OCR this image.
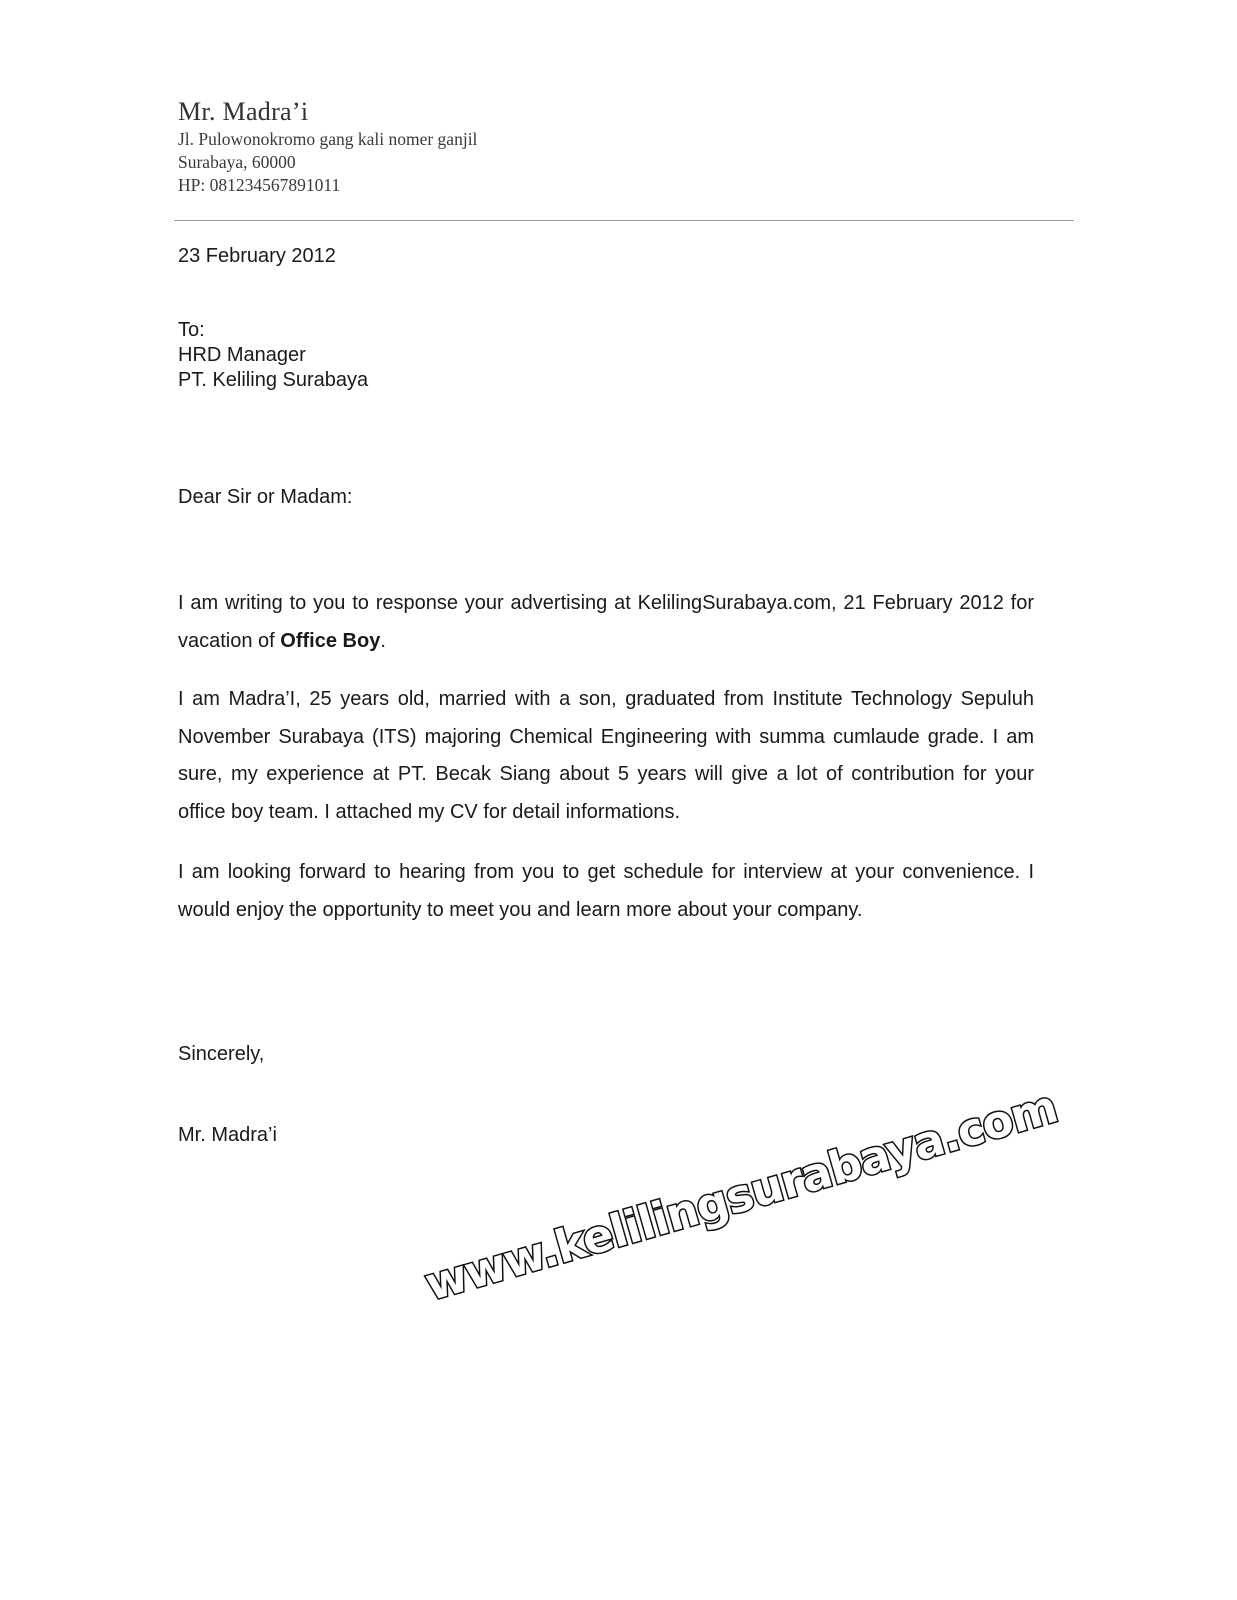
Mr. Madra’i
Jl. Pulowonokromo gang kali nomer ganjil
Surabaya, 60000
HP: 081234567891011
23 February 2012
To:
HRD Manager
PT. Keliling Surabaya
Dear Sir or Madam:

I am writing to you to response your advertising at KelilingSurabaya.com, 21 February 2012 for vacation of Office Boy.

I am Madra’I, 25 years old, married with a son, graduated from Institute Technology Sepuluh November Surabaya (ITS) majoring Chemical Engineering with summa cumlaude grade. I am sure, my experience at PT. Becak Siang about 5 years will give a lot of contribution for your office boy team. I attached my CV for detail informations.

I am looking forward to hearing from you to get schedule for interview at your convenience. I would enjoy the opportunity to meet you and learn more about your company.

Sincerely,
Mr. Madra’i	www.kelilingsurabaya.com
